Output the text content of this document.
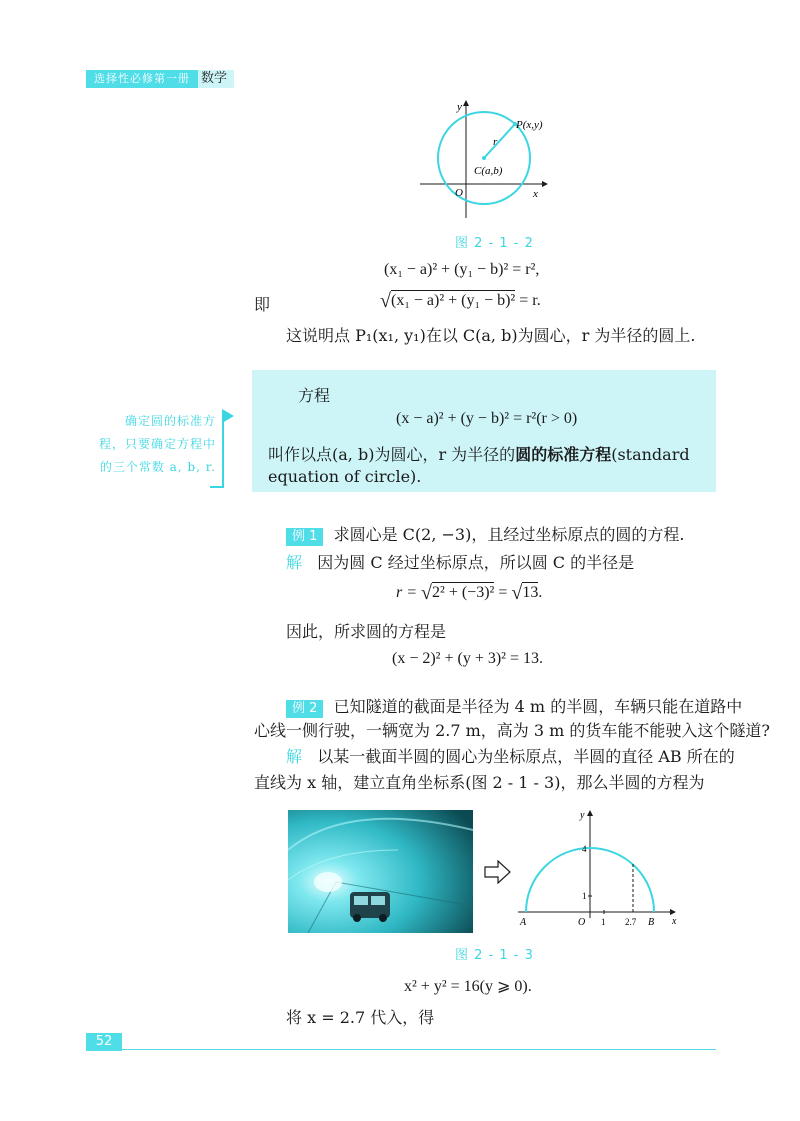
选择性必修第一册 数学
y
x
O
P(x,y)
C(a,b)
r
图 2 - 1 - 2
(x₁ − a)² + (y₁ − b)² = r²,
即	√(x₁ − a)² + (y₁ − b)² = r.
这说明点 P₁(x₁, y₁)在以 C(a, b)为圆心，r 为半径的圆上.
方程
(x − a)² + (y − b)² = r²(r > 0)
叫作以点(a, b)为圆心，r 为半径的圆的标准方程(standard
equation of circle).
确定圆的标准方
程，只要确定方程中
的三个常数 a, b, r.
例 1 求圆心是 C(2, −3)，且经过坐标原点的圆的方程.
解 因为圆 C 经过坐标原点，所以圆 C 的半径是
r = √2² + (−3)² = √13.
因此，所求圆的方程是
(x − 2)² + (y + 3)² = 13.
例 2 已知隧道的截面是半径为 4 m 的半圆，车辆只能在道路中
心线一侧行驶，一辆宽为 2.7 m，高为 3 m 的货车能不能驶入这个隧道?
解 以某一截面半圆的圆心为坐标原点，半圆的直径 AB 所在的
直线为 x 轴，建立直角坐标系(图 2 - 1 - 3)，那么半圆的方程为
y
x
A	B
O 1 2.7
4
1
图 2 - 1 - 3
x² + y² = 16(y ⩾ 0).
将 x = 2.7 代入，得
52
